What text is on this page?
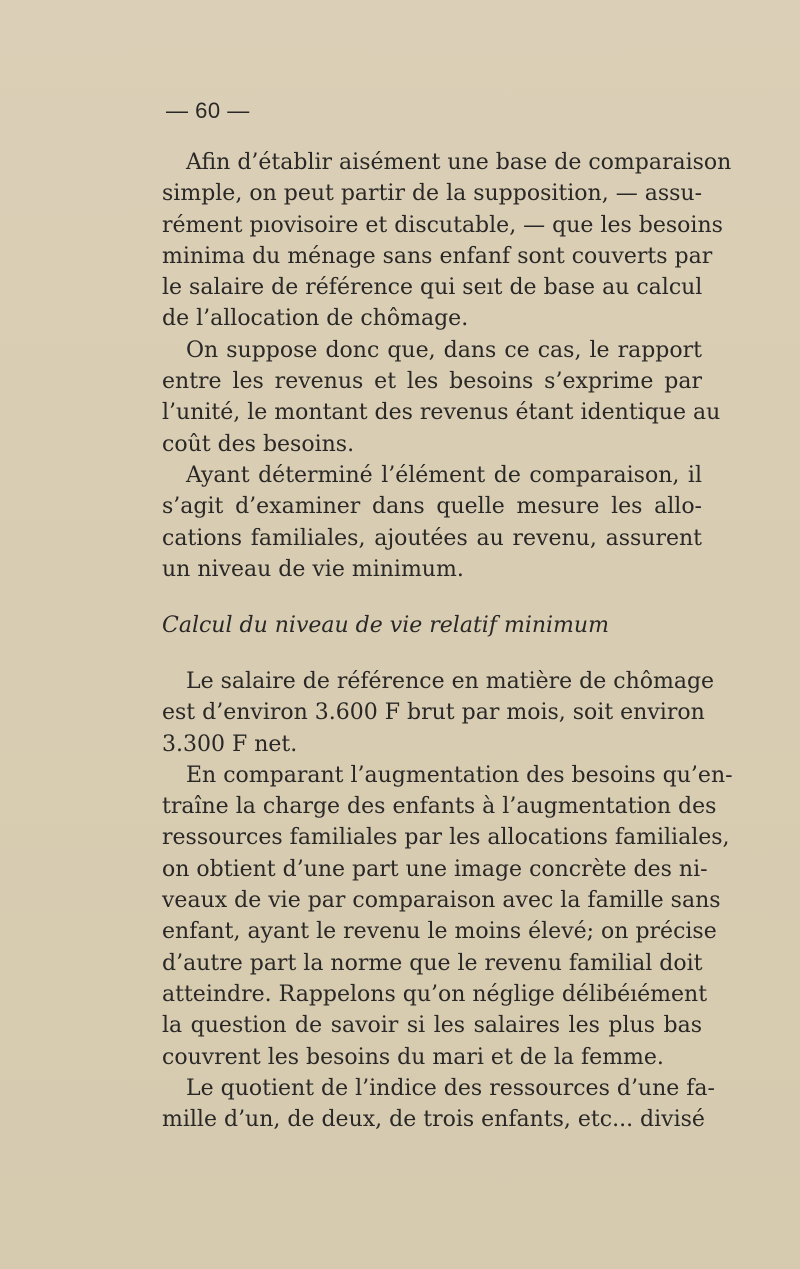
— 60 —
Afin d’établir aisément une base de comparaison
simple, on peut partir de la supposition, — assu-
rément pıovisoire et discutable, — que les besoins
minima du ménage sans enfanf sont couverts par
le salaire de référence qui seıt de base au calcul
de l’allocation de chômage.
On suppose donc que, dans ce cas, le rapport
entre les revenus et les besoins s’exprime par
l’unité, le montant des revenus étant identique au
coût des besoins.
Ayant déterminé l’élément de comparaison, il
s’agit d’examiner dans quelle mesure les allo-
cations familiales, ajoutées au revenu, assurent
un niveau de vie minimum.
Calcul du niveau de vie relatif minimum
Le salaire de référence en matière de chômage
est d’environ 3.600 F brut par mois, soit environ
3.300 F net.
En comparant l’augmentation des besoins qu’en-
traîne la charge des enfants à l’augmentation des
ressources familiales par les allocations familiales,
on obtient d’une part une image concrète des ni-
veaux de vie par comparaison avec la famille sans
enfant, ayant le revenu le moins élevé; on précise
d’autre part la norme que le revenu familial doit
atteindre. Rappelons qu’on néglige délibéıément
la question de savoir si les salaires les plus bas
couvrent les besoins du mari et de la femme.
Le quotient de l’indice des ressources d’une fa-
mille d’un, de deux, de trois enfants, etc... divisé
